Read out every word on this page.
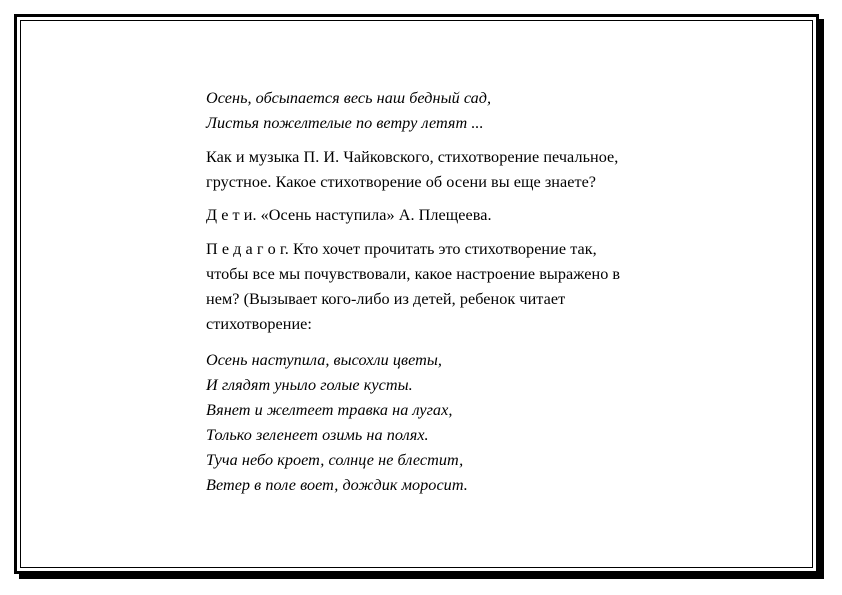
Осень, обсыпается весь наш бедный сад,
Листья пожелтелые по ветру летят ...

Как и музыка П. И. Чайковского, стихотворение печальное,
грустное. Какое стихотворение об осени вы еще знаете?

Д е т и. «Осень наступила» А. Плещеева.

П е д а г о г. Кто хочет прочитать это стихотворение так,
чтобы все мы почувствовали, какое настроение выражено в
нем? (Вызывает кого-либо из детей, ребенок читает
стихотворение:

Осень наступила, высохли цветы,
И глядят уныло голые кусты.
Вянет и желтеет травка на лугах,
Только зеленеет озимь на полях.
Туча небо кроет, солнце не блестит,
Ветер в поле воет, дождик моросит.
